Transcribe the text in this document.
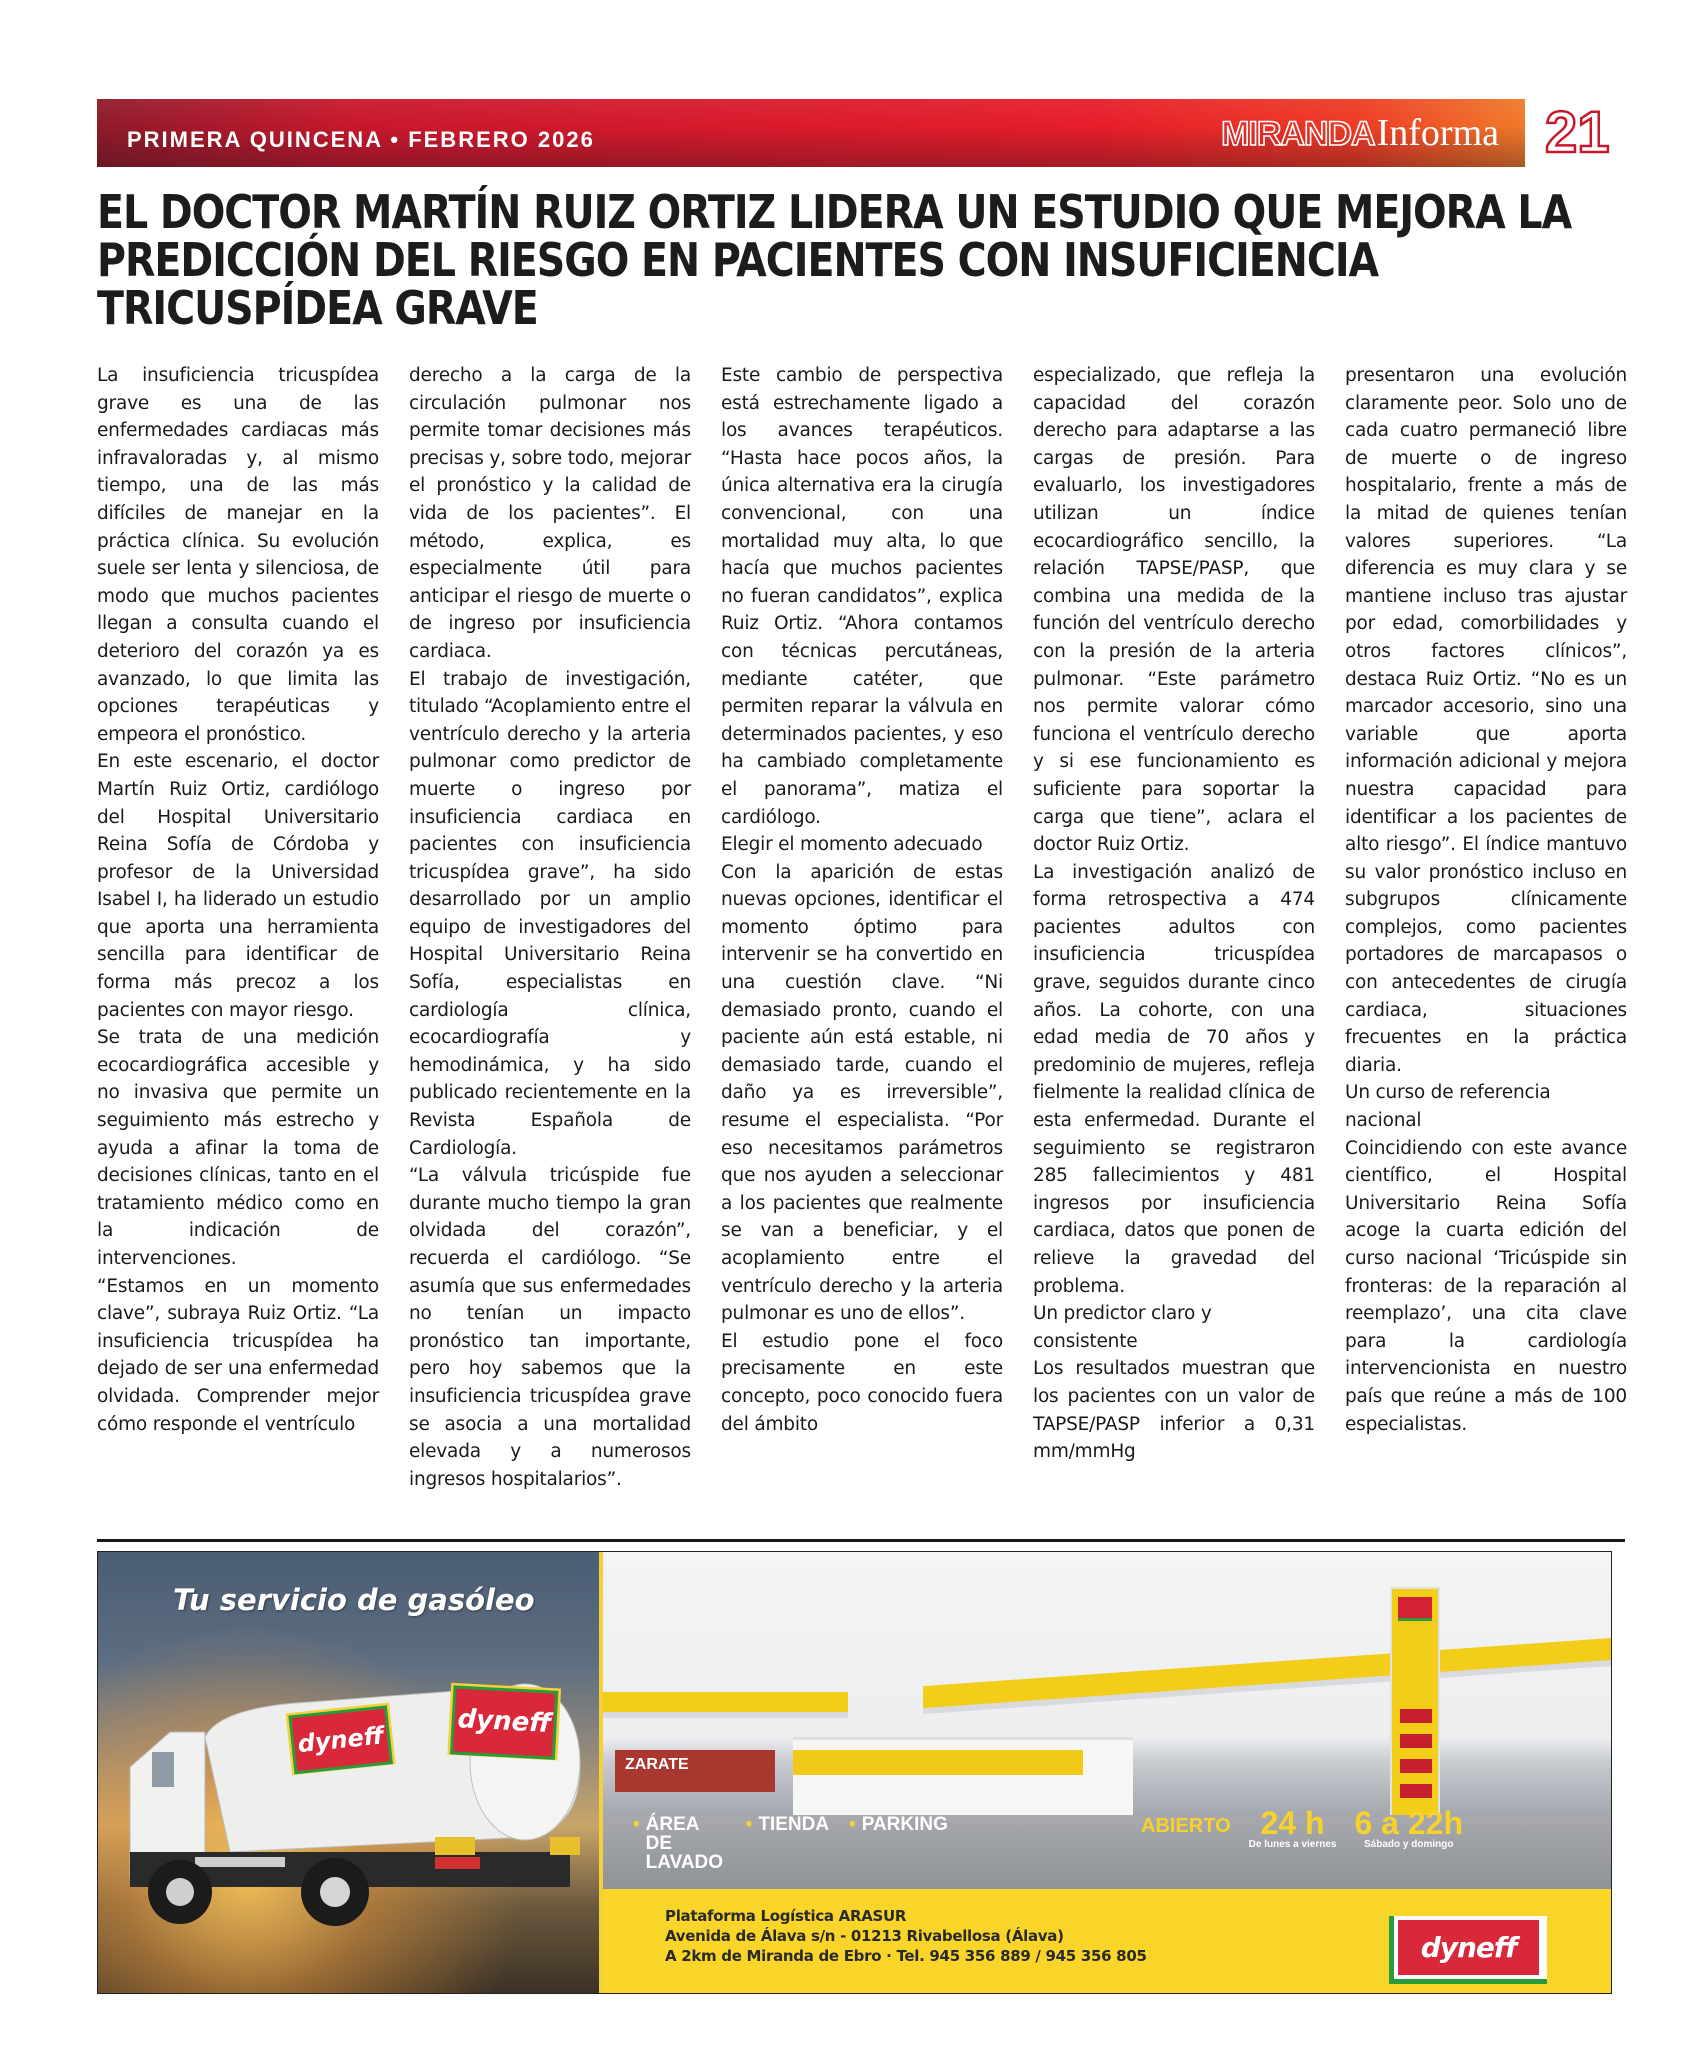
PRIMERA QUINCENA • FEBRERO 2026	MIRANDA Informa 21
EL DOCTOR MARTÍN RUIZ ORTIZ LIDERA UN ESTUDIO QUE MEJORA LA PREDICCIÓN DEL RIESGO EN PACIENTES CON INSUFICIENCIA TRICUSPÍDEA GRAVE

La insuficiencia tricuspídea grave es una de las enfermedades cardiacas más infravaloradas y, al mismo tiempo, una de las más difíciles de manejar en la práctica clínica. Su evolución suele ser lenta y silenciosa, de modo que muchos pacientes llegan a consulta cuando el deterioro del corazón ya es avanzado, lo que limita las opciones terapéuticas y empeora el pronóstico.

En este escenario, el doctor Martín Ruiz Ortiz, cardiólogo del Hospital Universitario Reina Sofía de Córdoba y profesor de la Universidad Isabel I, ha liderado un estudio que aporta una herramienta sencilla para identificar de forma más precoz a los pacientes con mayor riesgo.

Se trata de una medición ecocardiográfica accesible y no invasiva que permite un seguimiento más estrecho y ayuda a afinar la toma de decisiones clínicas, tanto en el tratamiento médico como en la indicación de intervenciones.

“Estamos en un momento clave”, subraya Ruiz Ortiz. “La insuficiencia tricuspídea ha dejado de ser una enfermedad olvidada. Comprender mejor cómo responde el ventrículo

derecho a la carga de la circulación pulmonar nos permite tomar decisiones más precisas y, sobre todo, mejorar el pronóstico y la calidad de vida de los pacientes”. El método, explica, es especialmente útil para anticipar el riesgo de muerte o de ingreso por insuficiencia cardiaca.

El trabajo de investigación, titulado “Acoplamiento entre el ventrículo derecho y la arteria pulmonar como predictor de muerte o ingreso por insuficiencia cardiaca en pacientes con insuficiencia tricuspídea grave”, ha sido desarrollado por un amplio equipo de investigadores del Hospital Universitario Reina Sofía, especialistas en cardiología clínica, ecocardiografía y hemodinámica, y ha sido publicado recientemente en la Revista Española de Cardiología.

“La válvula tricúspide fue durante mucho tiempo la gran olvidada del corazón”, recuerda el cardiólogo. “Se asumía que sus enfermedades no tenían un impacto pronóstico tan importante, pero hoy sabemos que la insuficiencia tricuspídea grave se asocia a una mortalidad elevada y a numerosos ingresos hospitalarios”.

Este cambio de perspectiva está estrechamente ligado a los avances terapéuticos. “Hasta hace pocos años, la única alternativa era la cirugía convencional, con una mortalidad muy alta, lo que hacía que muchos pacientes no fueran candidatos”, explica Ruiz Ortiz. “Ahora contamos con técnicas percutáneas, mediante catéter, que permiten reparar la válvula en determinados pacientes, y eso ha cambiado completamente el panorama”, matiza el cardiólogo.

Elegir el momento adecuado

Con la aparición de estas nuevas opciones, identificar el momento óptimo para intervenir se ha convertido en una cuestión clave. “Ni demasiado pronto, cuando el paciente aún está estable, ni demasiado tarde, cuando el daño ya es irreversible”, resume el especialista. “Por eso necesitamos parámetros que nos ayuden a seleccionar a los pacientes que realmente se van a beneficiar, y el acoplamiento entre el ventrículo derecho y la arteria pulmonar es uno de ellos”.

El estudio pone el foco precisamente en este concepto, poco conocido fuera del ámbito

especializado, que refleja la capacidad del corazón derecho para adaptarse a las cargas de presión. Para evaluarlo, los investigadores utilizan un índice ecocardiográfico sencillo, la relación TAPSE/PASP, que combina una medida de la función del ventrículo derecho con la presión de la arteria pulmonar. “Este parámetro nos permite valorar cómo funciona el ventrículo derecho y si ese funcionamiento es suficiente para soportar la carga que tiene”, aclara el doctor Ruiz Ortiz.

La investigación analizó de forma retrospectiva a 474 pacientes adultos con insuficiencia tricuspídea grave, seguidos durante cinco años. La cohorte, con una edad media de 70 años y predominio de mujeres, refleja fielmente la realidad clínica de esta enfermedad. Durante el seguimiento se registraron 285 fallecimientos y 481 ingresos por insuficiencia cardiaca, datos que ponen de relieve la gravedad del problema.

Un predictor claro y consistente

Los resultados muestran que los pacientes con un valor de TAPSE/PASP inferior a 0,31 mm/mmHg

presentaron una evolución claramente peor. Solo uno de cada cuatro permaneció libre de muerte o de ingreso hospitalario, frente a más de la mitad de quienes tenían valores superiores. “La diferencia es muy clara y se mantiene incluso tras ajustar por edad, comorbilidades y otros factores clínicos”, destaca Ruiz Ortiz. “No es un marcador accesorio, sino una variable que aporta información adicional y mejora nuestra capacidad para identificar a los pacientes de alto riesgo”. El índice mantuvo su valor pronóstico incluso en subgrupos clínicamente complejos, como pacientes portadores de marcapasos o con antecedentes de cirugía cardiaca, situaciones frecuentes en la práctica diaria.

Un curso de referencia nacional

Coincidiendo con este avance científico, el Hospital Universitario Reina Sofía acoge la cuarta edición del curso nacional ‘Tricúspide sin fronteras: de la reparación al reemplazo’, una cita clave para la cardiología intervencionista en nuestro país que reúne a más de 100 especialistas.

Tu servicio de gasóleo
dyneff	dyneff
ZARATE
• ÁREA DE LAVADO
• TIENDA • PARKING	ABIERTO 24 h
De lunes a viernes
6 a 22h
Sábado y domingo
Plataforma Logística ARASUR
Avenida de Álava s/n - 01213 Rivabellosa (Álava)
A 2km de Miranda de Ebro · Tel. 945 356 889 / 945 356 805	dyneff
